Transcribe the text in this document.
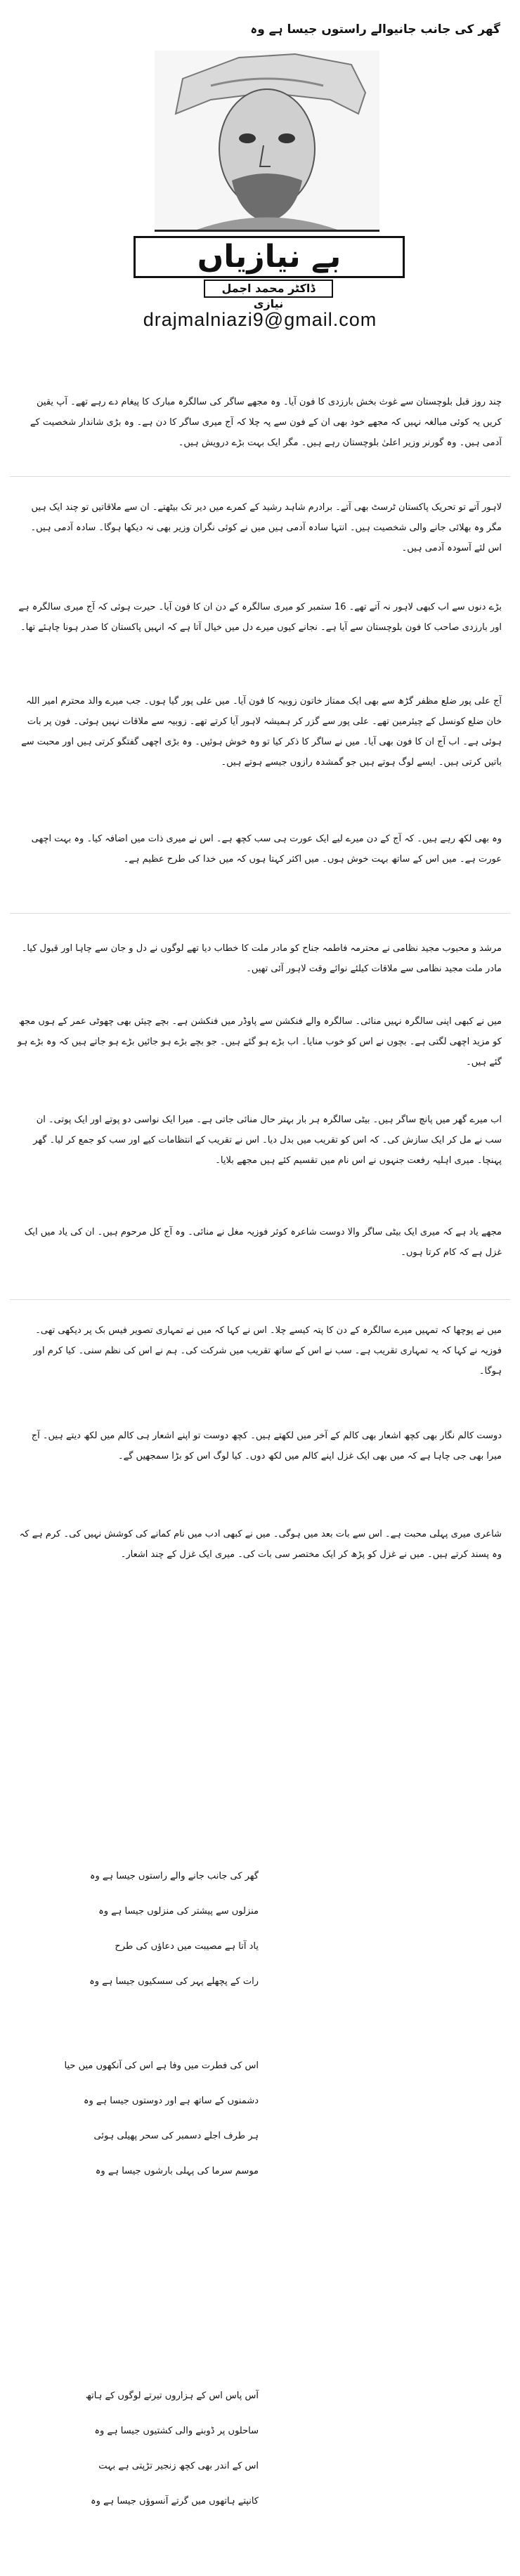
گھر کی جانب جانیوالے راستوں جیسا ہے وہ
بے نیازیاں
ڈاکٹر محمد اجمل نیازی
drajmalniazi9@gmail.com
چند روز قبل بلوچستان سے غوث بخش بارزدی کا فون آیا۔ وہ مجھے ساگر کی سالگرہ مبارک کا پیغام دے رہے تھے۔ آپ یقین کریں یہ کوئی مبالغہ نہیں کہ مجھے خود بھی ان کے فون سے پہ چلا کہ آج میری ساگر کا دن ہے۔ وہ بڑی شاندار شخصیت کے آدمی ہیں۔ وہ گورنر وزیر اعلیٰ بلوچستان رہے ہیں۔ مگر ایک بہت بڑے درویش ہیں۔
لاہور آتے تو تحریک پاکستان ٹرسٹ بھی آتے۔ برادرم شاہد رشید کے کمرے میں دیر تک بیٹھتے۔ ان سے ملاقاتیں تو چند ایک ہیں مگر وہ بھلائی جانے والی شخصیت ہیں۔ انتہا سادہ آدمی ہیں میں نے کوئی نگران وزیر بھی نہ دیکھا ہوگا۔ سادہ آدمی ہیں۔ اس لئے آسودہ آدمی ہیں۔
بڑے دنوں سے اب کبھی لاہور نہ آتے تھے۔ 16 ستمبر کو میری سالگرہ کے دن ان کا فون آیا۔ حیرت ہوئی کہ آج میری سالگرہ ہے اور بارزدی صاحب کا فون بلوچستان سے آیا ہے۔ نجانے کیوں میرے دل میں خیال آتا ہے کہ انہیں پاکستان کا صدر ہونا چاہئے تھا۔
آج علی پور ضلع مظفر گڑھ سے بھی ایک ممتاز خاتون زوبیہ کا فون آیا۔ میں علی پور گیا ہوں۔ جب میرے والد محترم امیر اللہ خان ضلع کونسل کے چیئرمین تھے۔ علی پور سے گزر کر ہمیشہ لاہور آیا کرتے تھے۔ زوبیہ سے ملاقات نہیں ہوئی۔ فون پر بات ہوئی ہے۔ اب آج ان کا فون بھی آیا۔ میں نے ساگر کا ذکر کیا تو وہ خوش ہوئیں۔ وہ بڑی اچھی گفتگو کرتی ہیں اور محبت سے باتیں کرتی ہیں۔ ایسے لوگ ہوتے ہیں جو گمشدہ رازوں جیسے ہوتے ہیں۔
وہ بھی لکھ رہے ہیں۔ کہ آج کے دن میرے لیے ایک عورت ہی سب کچھ ہے۔ اس نے میری ذات میں اضافہ کیا۔ وہ بہت اچھی عورت ہے۔ میں اس کے ساتھ بہت خوش ہوں۔ میں اکثر کہتا ہوں کہ میں خدا کی طرح عظیم ہے۔
مرشد و محبوب مجید نظامی نے محترمہ فاطمہ جناح کو مادر ملت کا خطاب دیا تھے لوگوں نے دل و جان سے چاہا اور قبول کیا۔ مادر ملت مجید نظامی سے ملاقات کیلئے نوائے وقت لاہور آئی تھیں۔
میں نے کبھی اپنی سالگرہ نہیں منائی۔ سالگرہ والے فنکشن سے پاوڈر میں فنکشن ہے۔ بچے چیئں بھی چھوٹی عمر کے ہوں مجھ کو مزید اچھی لگتی ہے۔ بچوں نے اس کو خوب منایا۔ اب بڑے ہو گئے ہیں۔ جو بچے بڑے ہو جائیں بڑے ہو جاتے ہیں کہ وہ بڑے ہو گئے ہیں۔
اب میرے گھر میں پانچ ساگر ہیں۔ بیٹی سالگرہ ہر بار بہتر حال منائی جاتی ہے۔ میرا ایک نواسی دو پوتے اور ایک پوتی۔ ان سب نے مل کر ایک سازش کی۔ کہ اس کو تقریب میں بدل دیا۔ اس نے تقریب کے انتظامات کیے اور سب کو جمع کر لیا۔ گھر پہنچا۔ میری اہلیہ رفعت جنہوں نے اس نام میں تقسیم کئے ہیں مجھے بلایا۔
مجھے یاد ہے کہ میری ایک بیٹی ساگر والا دوست شاعرہ کوثر فوزیہ مغل نے منائی۔ وہ آج کل مرحوم ہیں۔ ان کی یاد میں ایک غزل ہے کہ کام کرتا ہوں۔
میں نے پوچھا کہ تمہیں میرے سالگرہ کے دن کا پتہ کیسے چلا۔ اس نے کہا کہ میں نے تمہاری تصویر فیس بک پر دیکھی تھی۔ فوزیہ نے کہا کہ یہ تمہاری تقریب ہے۔ سب نے اس کے ساتھ تقریب میں شرکت کی۔ ہم نے اس کی نظم سنی۔ کیا کرم اور ہوگا۔
دوست کالم نگار بھی کچھ اشعار بھی کالم کے آخر میں لکھتے ہیں۔ کچھ دوست تو اپنے اشعار ہی کالم میں لکھ دیتے ہیں۔ آج میرا بھی جی چاہا ہے کہ میں بھی ایک غزل اپنے کالم میں لکھ دوں۔ کیا لوگ اس کو بڑا سمجھیں گے۔
شاعری میری پہلی محبت ہے۔ اس سے بات بعد میں ہوگی۔ میں نے کبھی ادب میں نام کمانے کی کوشش نہیں کی۔ کرم ہے کہ وہ پسند کرتے ہیں۔ میں نے غزل کو پڑھ کر ایک مختصر سی بات کی۔ میری ایک غزل کے چند اشعار۔
گھر کی جانب جانے والے راستوں جیسا ہے وہ
منزلوں سے پیشتر کی منزلوں جیسا ہے وہ
یاد آتا ہے مصیبت میں دعاؤں کی طرح
رات کے پچھلے پہر کی سسکیوں جیسا ہے وہ
اس کی فطرت میں وفا ہے اس کی آنکھوں میں حیا
دشمنوں کے ساتھ ہے اور دوستوں جیسا ہے وہ
ہر طرف اجلے دسمبر کی سحر پھیلی ہوئی
موسم سرما کی پہلی بارشوں جیسا ہے وہ
آس پاس اس کے ہزاروں تیرتے لوگوں کے ہاتھ
ساحلوں پر ڈوبنے والی کشتیوں جیسا ہے وہ
اس کے اندر بھی کچھ زنجیر تڑپتی ہے بہت
کانپتے ہاتھوں میں گرتے آنسوؤں جیسا ہے وہ
